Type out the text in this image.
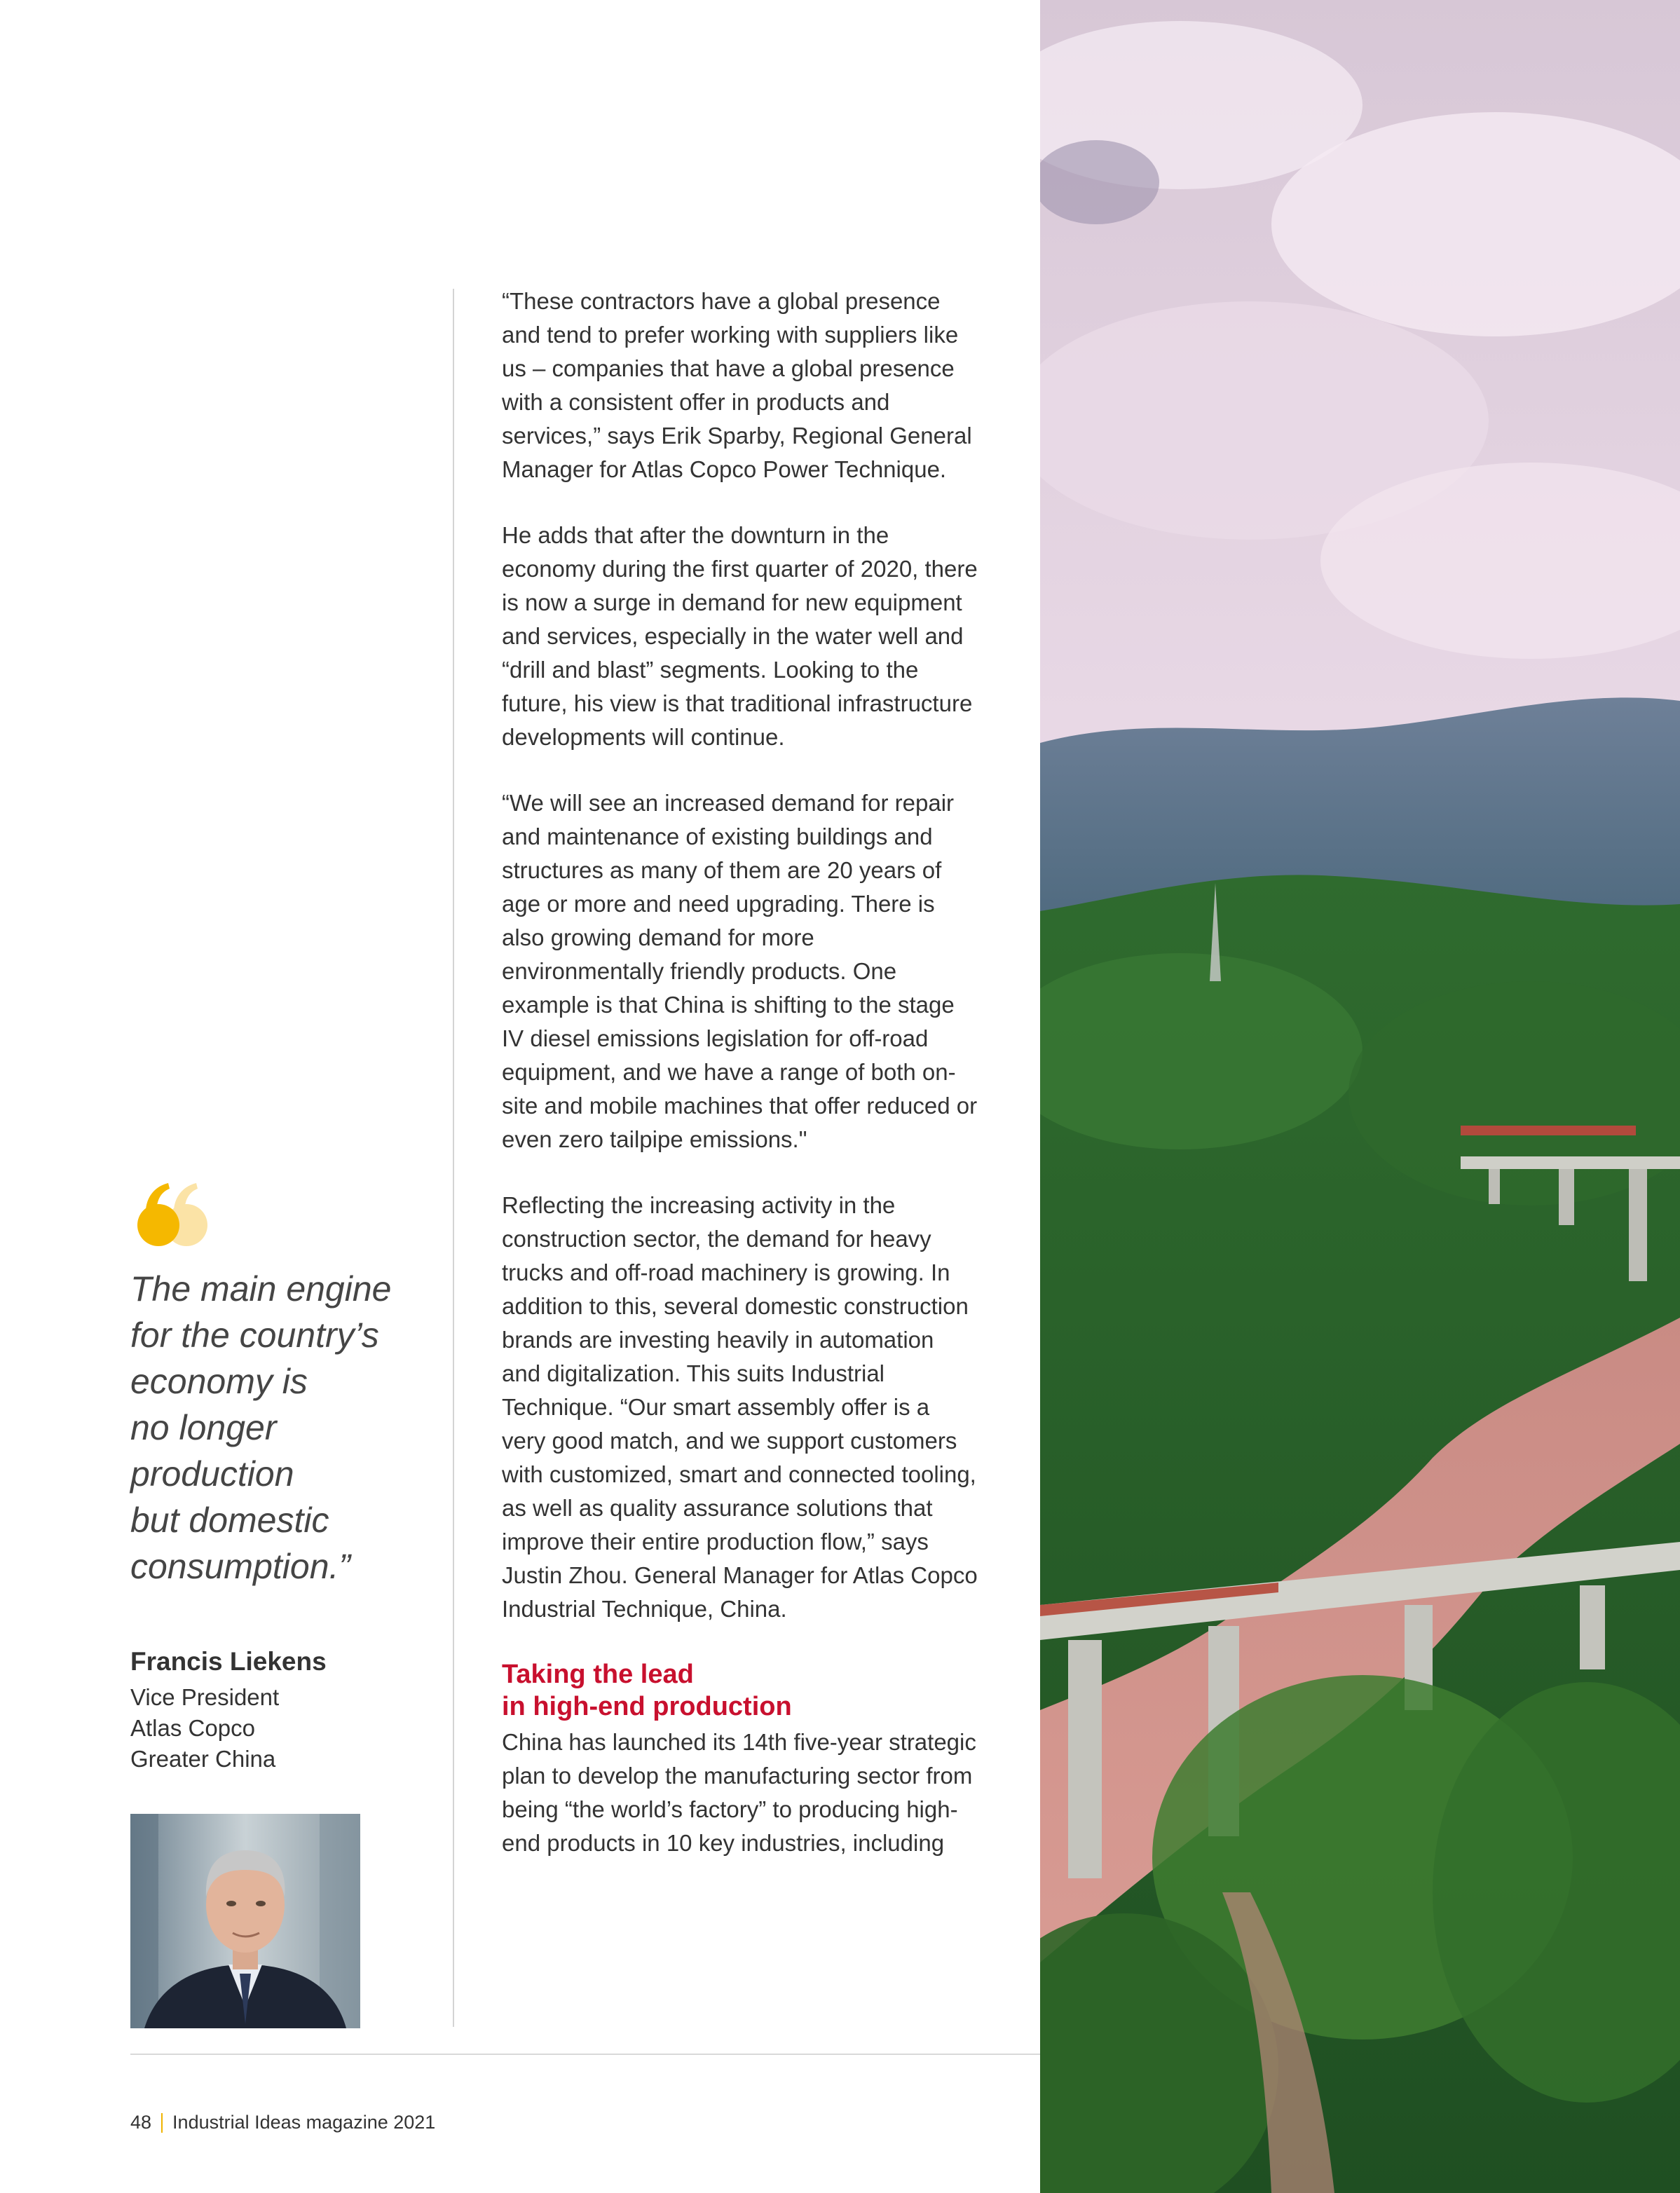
“These contractors have a global presence and tend to prefer working with suppliers like us – companies that have a global presence with a consistent offer in products and services,” says Erik Sparby, Regional General Manager for Atlas Copco Power Technique.

He adds that after the downturn in the economy during the first quarter of 2020, there is now a surge in demand for new equipment and services, especially in the water well and “drill and blast” segments. Looking to the future, his view is that traditional infrastructure developments will continue.

“We will see an increased demand for repair and maintenance of existing buildings and structures as many of them are 20 years of age or more and need upgrading. There is also growing demand for more environmentally friendly products. One example is that China is shifting to the stage IV diesel emissions legislation for off-road equipment, and we have a range of both on-site and mobile machines that offer reduced or even zero tailpipe emissions."

Reflecting the increasing activity in the construction sector, the demand for heavy trucks and off-road machinery is growing. In addition to this, several domestic construction brands are investing heavily in automation and digitalization. This suits Industrial Technique. “Our smart assembly offer is a very good match, and we support customers with customized, smart and connected tooling, as well as quality assurance solutions that improve their entire production flow,” says Justin Zhou. General Manager for Atlas Copco Industrial Technique, China.

Taking the lead
in high-end production

China has launched its 14th five-year strategic plan to develop the manufacturing sector from being “the world’s factory” to producing high-end products in 10 key industries, including

The main engine
for the country’s
economy is
no longer
production
but domestic
consumption.”
Francis Liekens
Vice President
Atlas Copco
Greater China
48 Industrial Ideas magazine 2021
